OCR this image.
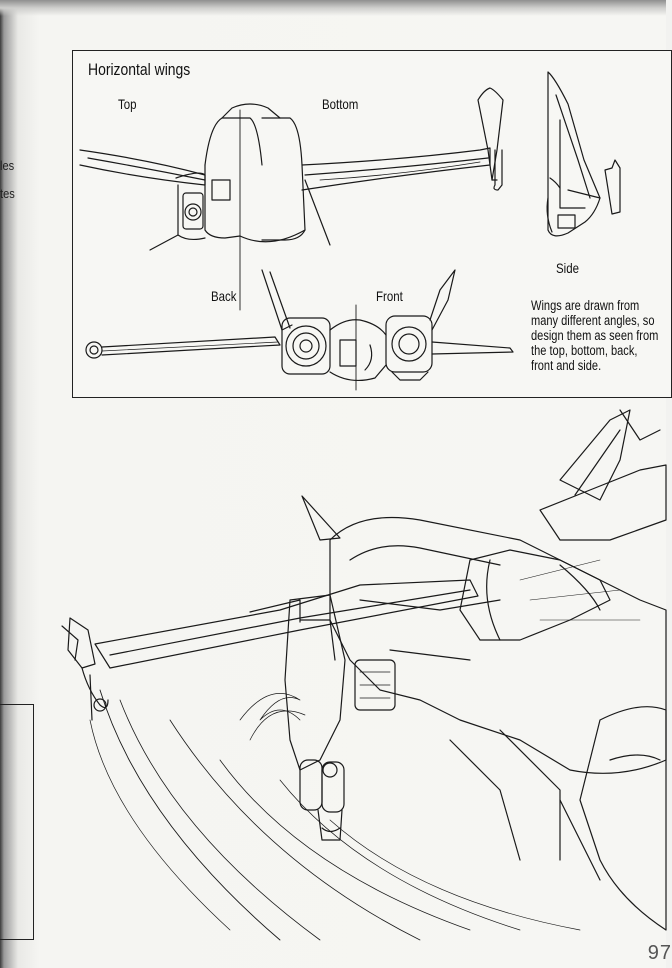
les
tes
Horizontal wings
Top	Bottom
Side
Back	Front
Wings are drawn from many different angles, so design them as seen from the top, bottom, back, front and side.
97
